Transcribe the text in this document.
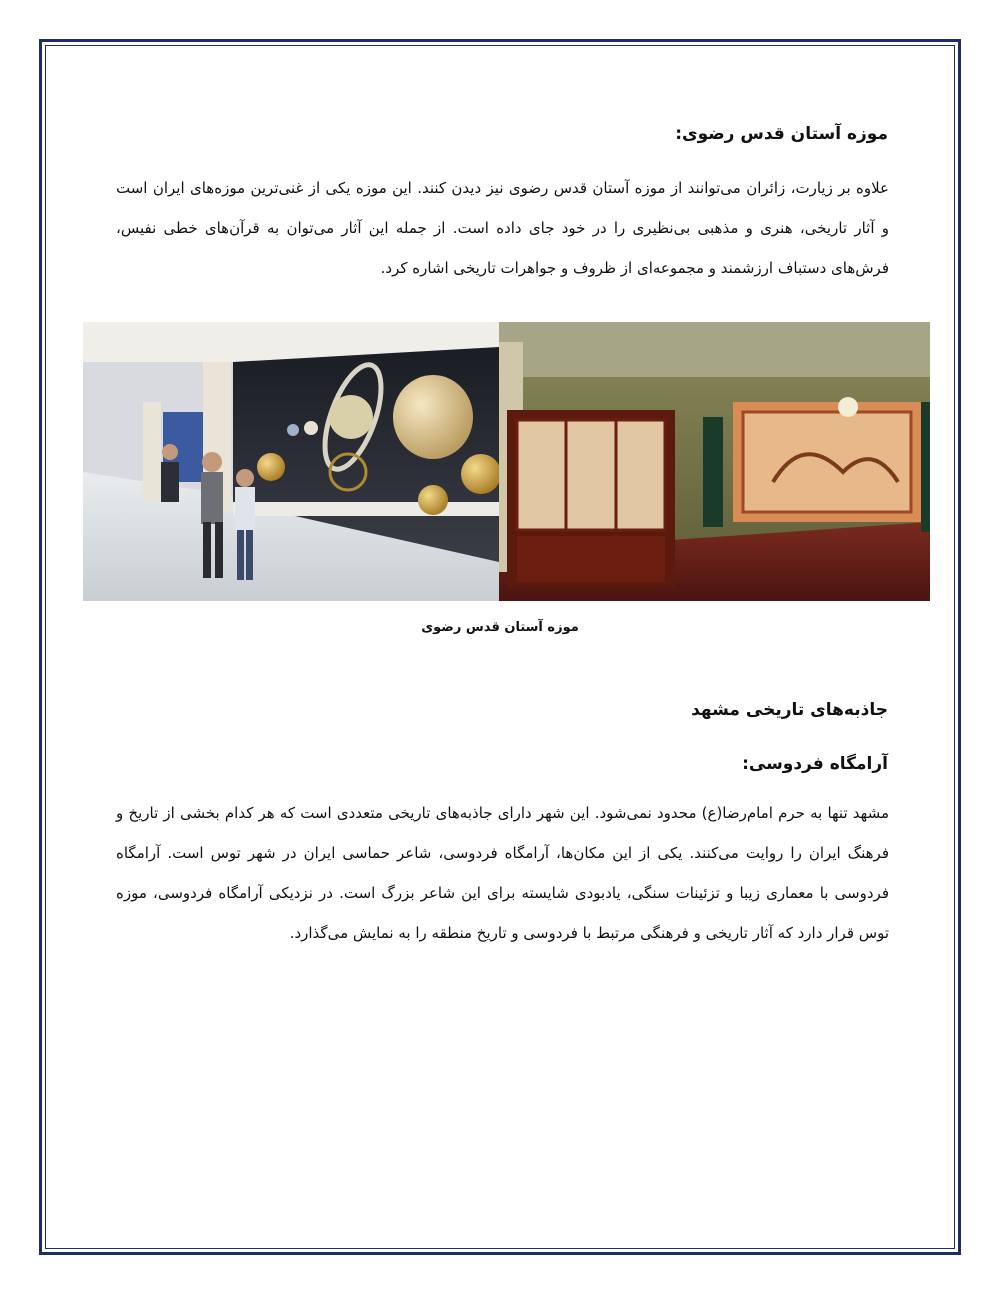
موزه آستان قدس رضوی:

علاوه بر زیارت، زائران می‌توانند از موزه آستان قدس رضوی نیز دیدن کنند. این موزه یکی از غنی‌ترین موزه‌های ایران است و آثار تاریخی، هنری و مذهبی بی‌نظیری را در خود جای داده است. از جمله این آثار می‌توان به قرآن‌های خطی نفیس، فرش‌های دستباف ارزشمند و مجموعه‌ای از ظروف و جواهرات تاریخی اشاره کرد.

موزه آستان قدس رضوی
جاذبه‌های تاریخی مشهد
آرامگاه فردوسی:

مشهد تنها به حرم امام‌رضا(ع) محدود نمی‌شود. این شهر دارای جاذبه‌های تاریخی متعددی است که هر کدام بخشی از تاریخ و فرهنگ ایران را روایت می‌کنند. یکی از این مکان‌ها، آرامگاه فردوسی، شاعر حماسی ایران در شهر توس است. آرامگاه فردوسی با معماری زیبا و تزئینات سنگی، یادبودی شایسته برای این شاعر بزرگ است. در نزدیکی آرامگاه فردوسی، موزه توس قرار دارد که آثار تاریخی و فرهنگی مرتبط با فردوسی و تاریخ منطقه را به نمایش می‌گذارد.
